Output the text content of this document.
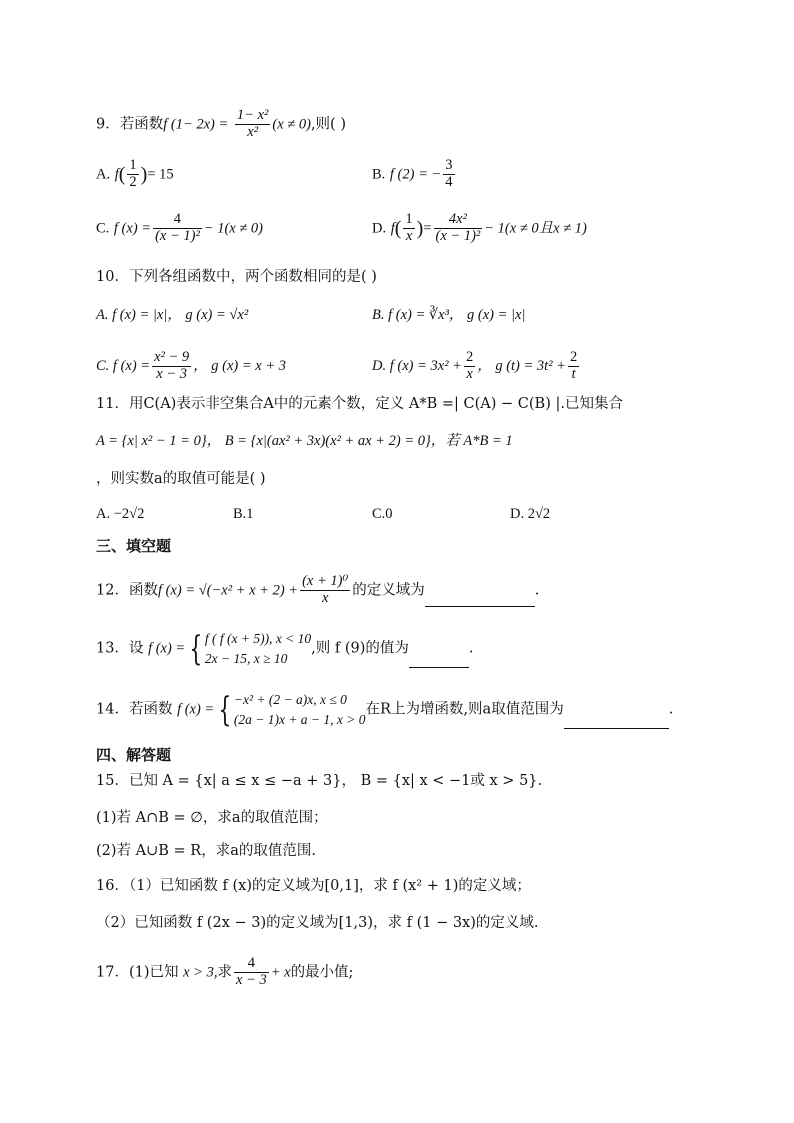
9．若函数f $(1- 2x) = \frac{\text{1− x²}}{\text{x²}} (x \ne 0)$,则( )
A. $f( \frac{1}{2}$ )= 15	B. f (2) = − $\frac{3}{4}$
C. f $(x) = \frac{4}{\text{(x − 1)²}} - 1(x \ne 0)$	D. $f( \frac{1}{x}$ )= $\frac{\text{4x²}}{\text{(x − 1)²}} - 1(x \ne 0$且x ≠ 1)
10．下列各组函数中，两个函数相同的是( )
A. f (x) = |x|， g (x) = √x²	B. f (x) = ∛x³， g (x) = |x|
C. f $(x) = \frac{\text{x² − 9}}{x - 3}$ ， g (x) = x + 3	D. f $(x) = 3x^2 + \frac{2}{x}$ ， g $(t) = 3t^2 + \frac{2}{t}$
11．用C(A)表示非空集合A中的元素个数，定义 A*B =| C(A) − C(B) |.已知集合
A = {x| x² − 1 = 0}， B = {x|(ax² + 3x)(x² + ax + 2) = 0}，若 A*B = 1
，则实数a的取值可能是( )
A. −2√2	B.1	C.0	D. 2√2
三、填空题
12．函数f $(x) = √(-x^2 + x + 2) + \frac{\text{(x + 1)⁰}}{x}$ 的定义域为	.
13．设 f (x) = { f ( f (x + 5)), x < 10
2x − 15, x ≥ 10
,则 f (9)的值为	.
14．若函数 f (x) = { −x² + (2 − a)x, x ≤ 0
(2a − 1)x + a − 1, x > 0
在R上为增函数,则a取值范围为	.
四、解答题
15．已知 A = {x| a ≤ x ≤ −a + 3}， B = {x| x < −1或 x > 5}.
(1)若 A∩B = ∅，求a的取值范围；
(2)若 A∪B = R，求a的取值范围.
16．（1）已知函数 f (x)的定义域为[0,1]，求 f (x² + 1)的定义域；
（2）已知函数 f (2x − 3)的定义域为[1,3)，求 f (1 − 3x)的定义域.
17．(1)已知 x > 3,求 $\frac{4}{x - 3} + x$的最小值;
